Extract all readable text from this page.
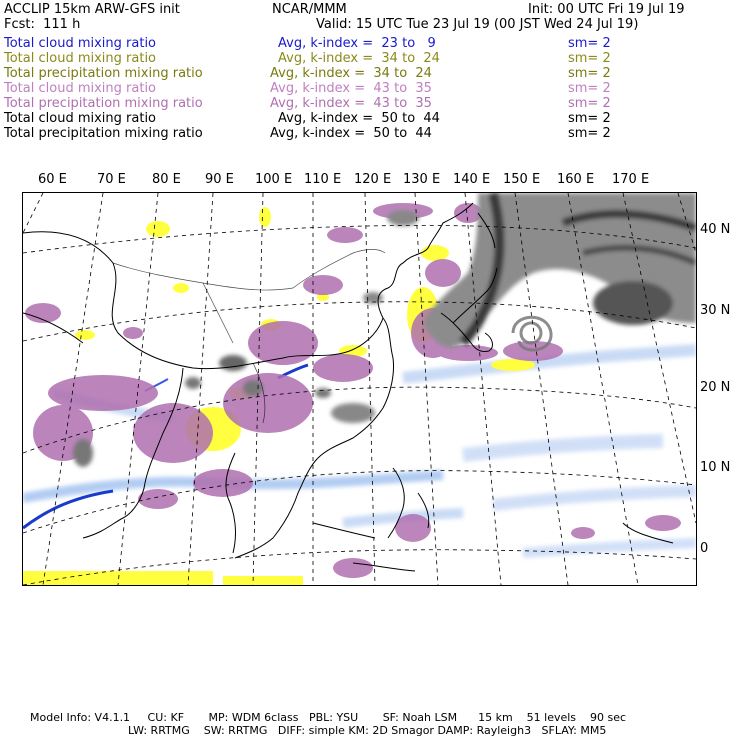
ACCLIP 15km ARW-GFS init	NCAR/MMM	Init: 00 UTC Fri 19 Jul 19
Fcst:  111 h	Valid: 15 UTC Tue 23 Jul 19 (00 JST Wed 24 Jul 19)
Total cloud mixing ratio	Avg, k-index =  23 to   9	sm= 2
Total cloud mixing ratio	Avg, k-index =  34 to  24	sm= 2
Total precipitation mixing ratio	Avg, k-index =  34 to  24	sm= 2
Total cloud mixing ratio	Avg, k-index =  43 to  35	sm= 2
Total precipitation mixing ratio	Avg, k-index =  43 to  35	sm= 2
Total cloud mixing ratio	Avg, k-index =  50 to  44	sm= 2
Total precipitation mixing ratio	Avg, k-index =  50 to  44	sm= 2
60 E 70 E 80 E 90 E 100 E 110 E 120 E 130 E 140 E 150 E 160 E 170 E
40 N
30 N
20 N
10 N
0
Model Info: V4.1.1     CU: KF       MP: WDM 6class   PBL: YSU       SF: Noah LSM      15 km    51 levels    90 sec
LW: RRTMG    SW: RRTMG   DIFF: simple KM: 2D Smagor DAMP: Rayleigh3   SFLAY: MM5
